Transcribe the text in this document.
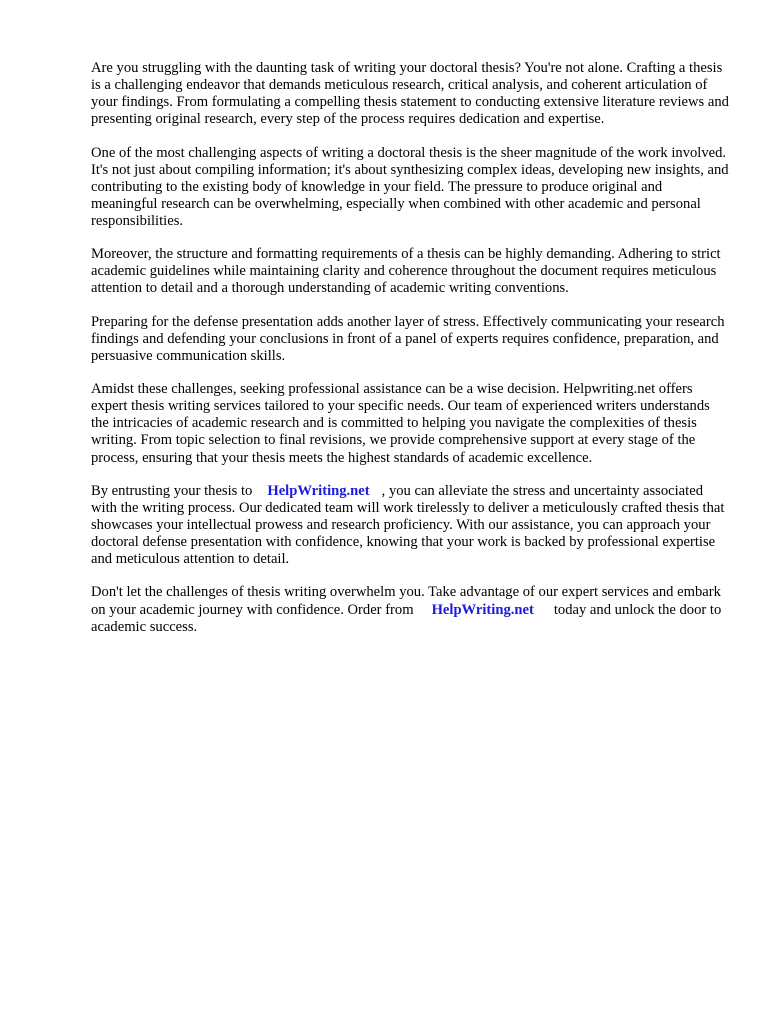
Are you struggling with the daunting task of writing your doctoral thesis? You're not alone. Crafting a thesis is a challenging endeavor that demands meticulous research, critical analysis, and coherent articulation of your findings. From formulating a compelling thesis statement to conducting extensive literature reviews and presenting original research, every step of the process requires dedication and expertise.

One of the most challenging aspects of writing a doctoral thesis is the sheer magnitude of the work involved. It's not just about compiling information; it's about synthesizing complex ideas, developing new insights, and contributing to the existing body of knowledge in your field. The pressure to produce original and meaningful research can be overwhelming, especially when combined with other academic and personal responsibilities.

Moreover, the structure and formatting requirements of a thesis can be highly demanding. Adhering to strict academic guidelines while maintaining clarity and coherence throughout the document requires meticulous attention to detail and a thorough understanding of academic writing conventions.

Preparing for the defense presentation adds another layer of stress. Effectively communicating your research findings and defending your conclusions in front of a panel of experts requires confidence, preparation, and persuasive communication skills.

Amidst these challenges, seeking professional assistance can be a wise decision. Helpwriting.net offers expert thesis writing services tailored to your specific needs. Our team of experienced writers understands the intricacies of academic research and is committed to helping you navigate the complexities of thesis writing. From topic selection to final revisions, we provide comprehensive support at every stage of the process, ensuring that your thesis meets the highest standards of academic excellence.

By entrusting your thesis to HelpWriting.net , you can alleviate the stress and uncertainty associated with the writing process. Our dedicated team will work tirelessly to deliver a meticulously crafted thesis that showcases your intellectual prowess and research proficiency. With our assistance, you can approach your doctoral defense presentation with confidence, knowing that your work is backed by professional expertise and meticulous attention to detail.

Don't let the challenges of thesis writing overwhelm you. Take advantage of our expert services and embark on your academic journey with confidence. Order from HelpWriting.net today and unlock the door to academic success.
